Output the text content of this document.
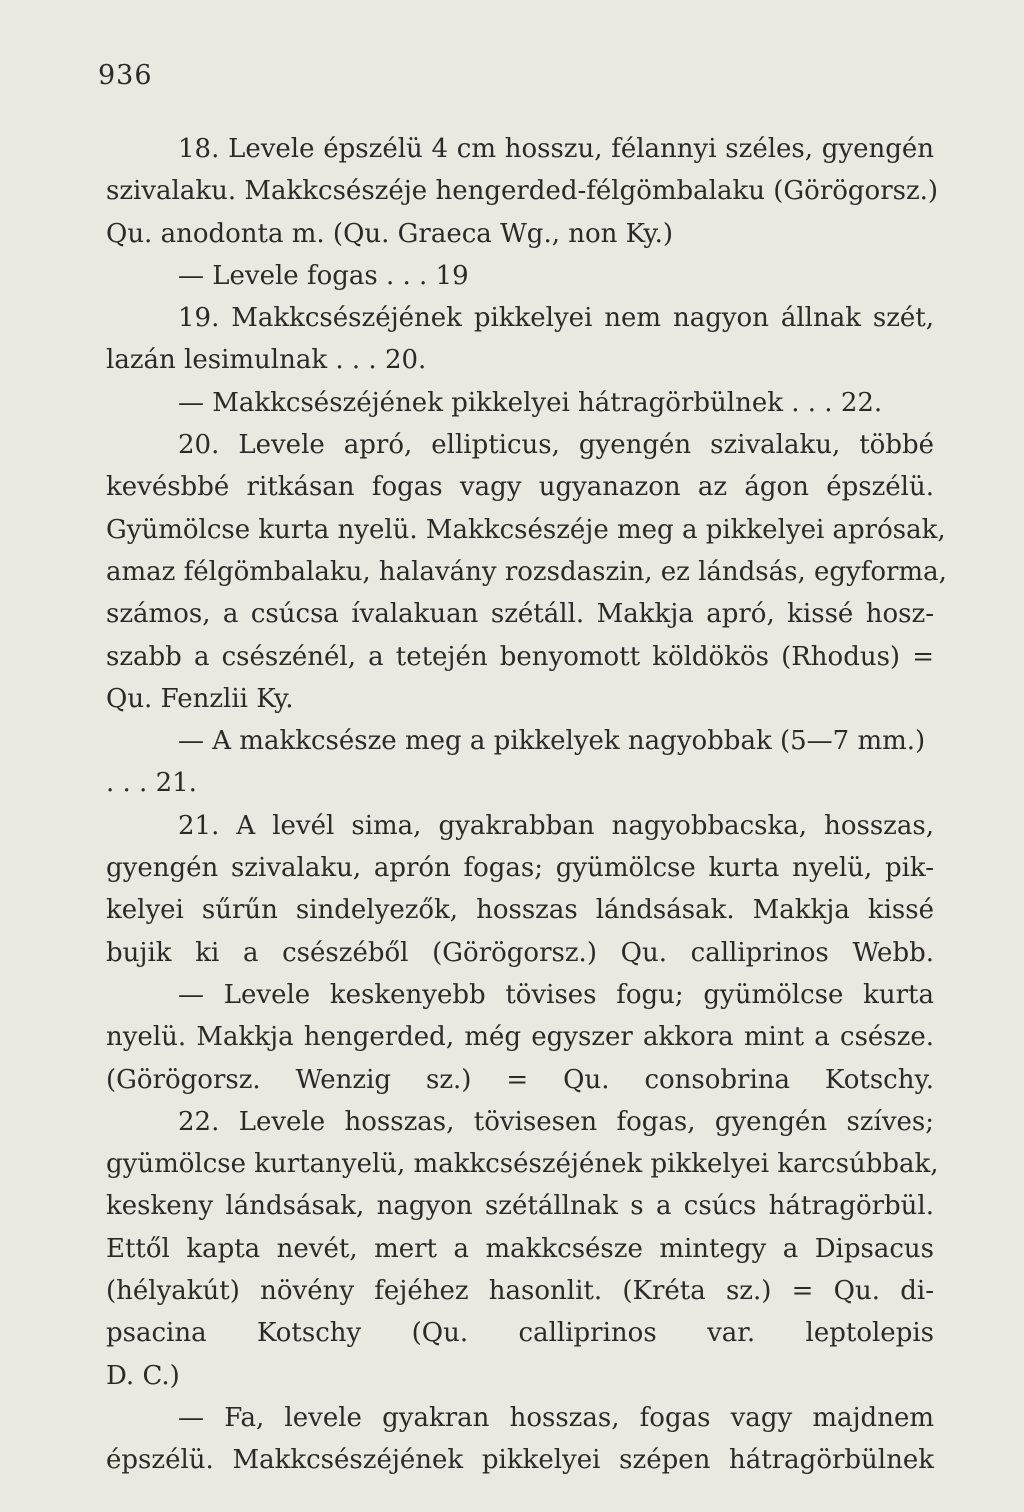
936
18. Levele épszélü 4 cm hosszu, félannyi széles, gyengén
szivalaku. Makkcsészéje hengerded-félgömbalaku (Görögorsz.)
Qu. anodonta m. (Qu. Graeca Wg., non Ky.)
— Levele fogas . . . 19
19. Makkcsészéjének pikkelyei nem nagyon állnak szét,
lazán lesimulnak . . . 20.
— Makkcsészéjének pikkelyei hátragörbülnek . . . 22.
20. Levele apró, ellipticus, gyengén szivalaku, többé
kevésbbé ritkásan fogas vagy ugyanazon az ágon épszélü.
Gyümölcse kurta nyelü. Makkcsészéje meg a pikkelyei aprósak,
amaz félgömbalaku, halavány rozsdaszin, ez lándsás, egyforma,
számos, a csúcsa ívalakuan szétáll. Makkja apró, kissé hosz-
szabb a csészénél, a tetején benyomott köldökös (Rhodus) =
Qu. Fenzlii Ky.
— A makkcsésze meg a pikkelyek nagyobbak (5—7 mm.)
. . . 21.
21. A levél sima, gyakrabban nagyobbacska, hosszas,
gyengén szivalaku, aprón fogas; gyümölcse kurta nyelü, pik-
kelyei sűrűn sindelyezők, hosszas lándsásak. Makkja kissé
bujik ki a csészéből (Görögorsz.) Qu. calliprinos Webb.
— Levele keskenyebb tövises fogu; gyümölcse kurta
nyelü. Makkja hengerded, még egyszer akkora mint a csésze.
(Görögorsz. Wenzig sz.) = Qu. consobrina Kotschy.
22. Levele hosszas, tövisesen fogas, gyengén szíves;
gyümölcse kurtanyelü, makkcsészéjének pikkelyei karcsúbbak,
keskeny lándsásak, nagyon szétállnak s a csúcs hátragörbül.
Ettől kapta nevét, mert a makkcsésze mintegy a Dipsacus
(hélyakút) növény fejéhez hasonlit. (Kréta sz.) = Qu. di-
psacina Kotschy (Qu. calliprinos var. leptolepis
D. C.)
— Fa, levele gyakran hosszas, fogas vagy majdnem
épszélü. Makkcsészéjének pikkelyei szépen hátragörbülnek
